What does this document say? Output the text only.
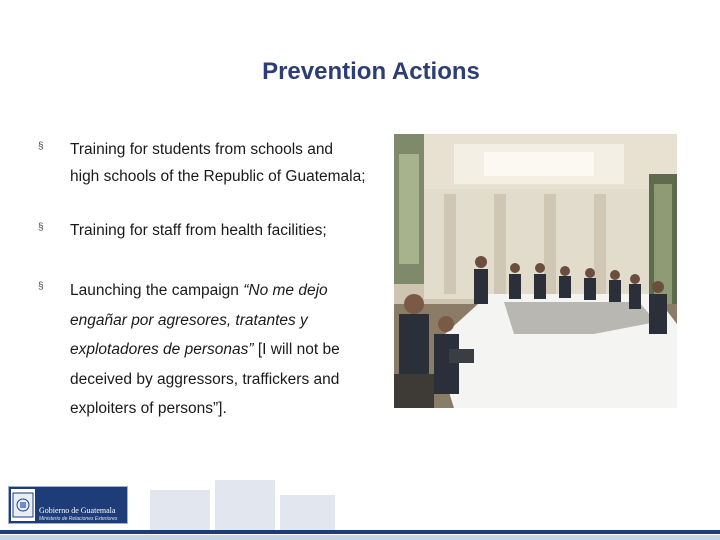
Prevention Actions
§ Training for students from schools and
high schools of the Republic of Guatemala;
§ Training for staff from health facilities;
§ Launching the campaign “No me dejo
engañar por agresores, tratantes y
explotadores de personas” [I will not be
deceived by aggressors, traffickers and
exploiters of persons”].
Gobierno de Guatemala
Ministerio de Relaciones Exteriores
